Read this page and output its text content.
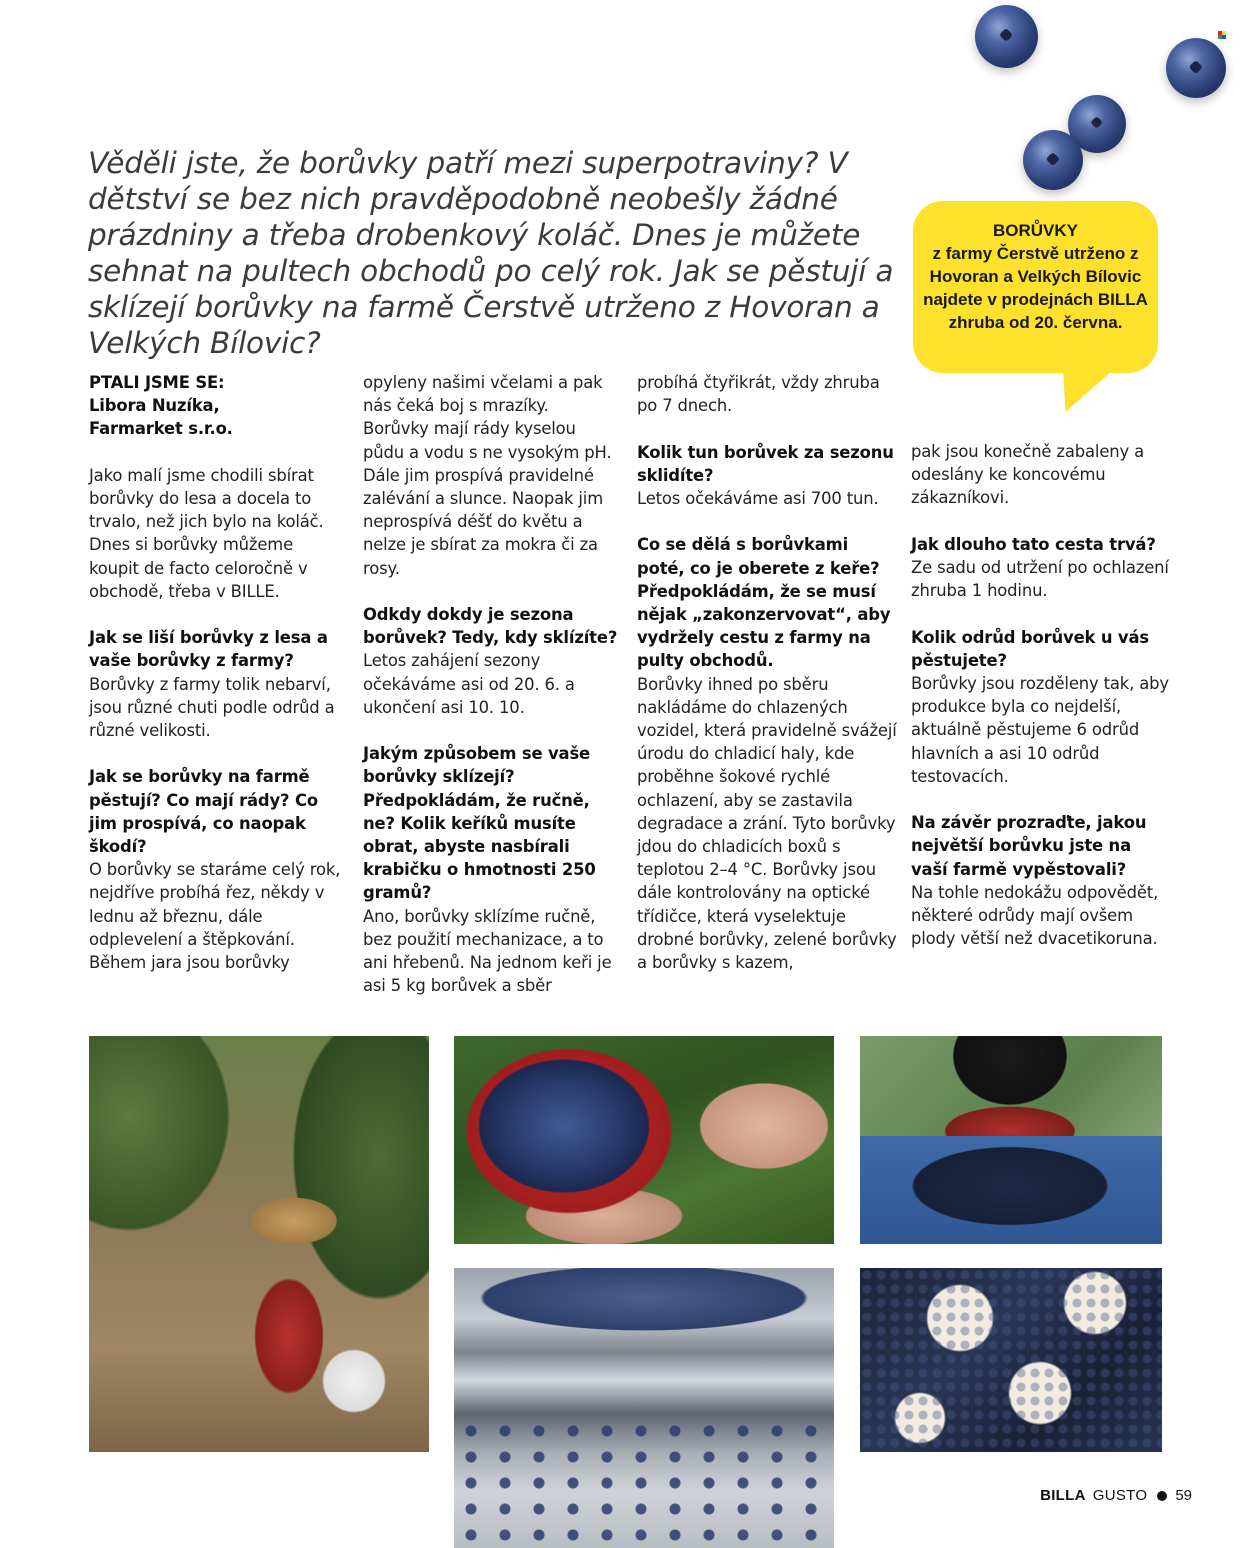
Věděli jste, že borůvky patří mezi superpotraviny? V dětství se bez nich pravděpodobně neobešly žádné prázdniny a třeba drobenkový koláč. Dnes je můžete sehnat na pultech obchodů po celý rok. Jak se pěstují a sklízejí borůvky na farmě Čerstvě utrženo z Hovoran a Velkých Bílovic?
BORŮVKY
z farmy Čerstvě utrženo z Hovoran a Velkých Bílovic najdete v prodejnách BILLA zhruba od 20. června.

PTALI JSME SE:
Libora Nuzíka,
Farmarket s.r.o.

Jako malí jsme chodili sbírat borůvky do lesa a docela to trvalo, než jich bylo na koláč. Dnes si borůvky můžeme koupit de facto celoročně v obchodě, třeba v BILLE.

Jak se liší borůvky z lesa a vaše borůvky z farmy?
Borůvky z farmy tolik nebarví, jsou různé chuti podle odrůd a různé velikosti.

Jak se borůvky na farmě pěstují? Co mají rády? Co jim prospívá, co naopak škodí?
O borůvky se staráme celý rok, nejdříve probíhá řez, někdy v lednu až březnu, dále odplevelení a štěpkování. Během jara jsou borůvky

opyleny našimi včelami a pak nás čeká boj s mrazíky. Borůvky mají rády kyselou půdu a vodu s ne vysokým pH. Dále jim prospívá pravidelné zalévání a slunce. Naopak jim neprospívá déšť do květu a nelze je sbírat za mokra či za rosy.

Odkdy dokdy je sezona borůvek? Tedy, kdy sklízíte?
Letos zahájení sezony očekáváme asi od 20. 6. a ukončení asi 10. 10.

Jakým způsobem se vaše borůvky sklízejí? Předpokládám, že ručně, ne? Kolik keříků musíte obrat, abyste nasbírali krabičku o hmotnosti 250 gramů?
Ano, borůvky sklízíme ručně, bez použití mechanizace, a to ani hřebenů. Na jednom keři je asi 5 kg borůvek a sběr

probíhá čtyřikrát, vždy zhruba po 7 dnech.

Kolik tun borůvek za sezonu sklidíte?
Letos očekáváme asi 700 tun.

Co se dělá s borůvkami poté, co je oberete z keře? Předpokládám, že se musí nějak „zakonzervovat“, aby vydržely cestu z farmy na pulty obchodů.
Borůvky ihned po sběru nakládáme do chlazených vozidel, která pravidelně svážejí úrodu do chladicí haly, kde proběhne šokové rychlé ochlazení, aby se zastavila degradace a zrání. Tyto borůvky jdou do chladicích boxů s teplotou 2–4 °C. Borůvky jsou dále kontrolovány na optické třídičce, která vyselektuje drobné borůvky, zelené borůvky a borůvky s kazem,

pak jsou konečně zabaleny a odeslány ke koncovému zákazníkovi.

Jak dlouho tato cesta trvá?
Ze sadu od utržení po ochlazení zhruba 1 hodinu.

Kolik odrůd borůvek u vás pěstujete?
Borůvky jsou rozděleny tak, aby produkce byla co nejdelší, aktuálně pěstujeme 6 odrůd hlavních a asi 10 odrůd testovacích.

Na závěr prozraďte, jakou největší borůvku jste na vaší farmě vypěstovali?
Na tohle nedokážu odpovědět, některé odrůdy mají ovšem plody větší než dvacetikoruna.

BILLA GUSTO 59
